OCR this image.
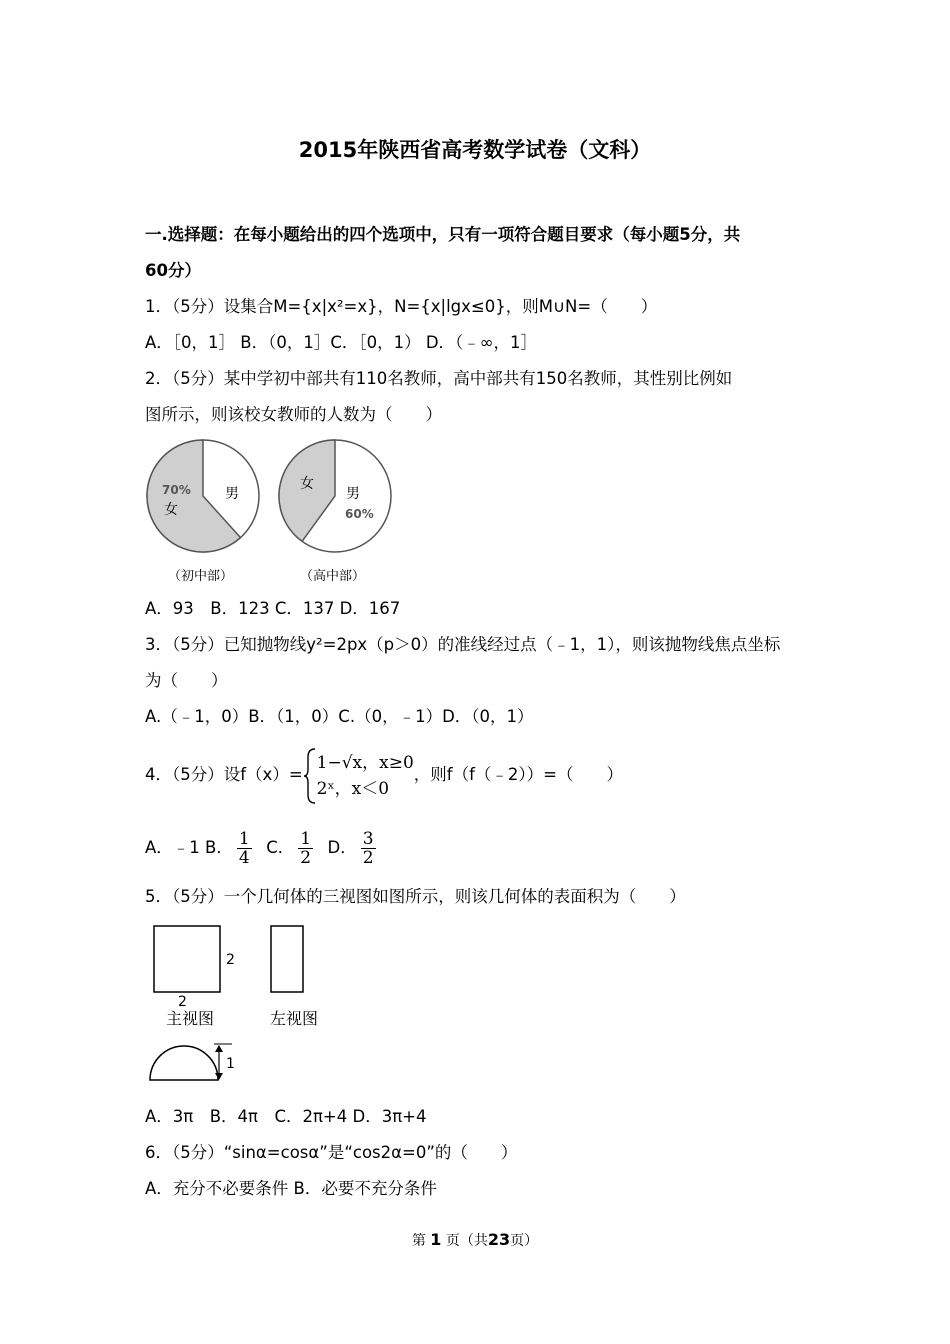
2015年陕西省高考数学试卷（文科）
一.选择题：在每小题给出的四个选项中，只有一项符合题目要求（每小题5分，共
60分）
1．（5分）设集合M={x|x²=x}，N={x|lgx≤0}，则M∪N=（　　）
A．［0，1］ B．（0，1］C．［0，1） D．（﹣∞，1］
2．（5分）某中学初中部共有110名教师，高中部共有150名教师，其性别比例如
图所示，则该校女教师的人数为（　　）
70%
女
男
（初中部）
女
男
60%
（高中部）
A．93　B．123 C．137 D．167
3．（5分）已知抛物线y²=2px（p＞0）的准线经过点（﹣1，1），则该抛物线焦点坐标
为（　　）
A.（﹣1，0）B．（1，0）C.（0，﹣1）D．（0，1）
4．（5分）设f（x）=
1−√x，x≥0
2ˣ，x＜0
，则f（f（﹣2））=（　　）
A．﹣1 B． $\frac{1}{4}$ C． $\frac{1}{2}$ D． $\frac{3}{2}$
5．（5分）一个几何体的三视图如图所示，则该几何体的表面积为（　　）
2
2
主视图	左视图
1
A．3π　B．4π　C．2π+4 D．3π+4
6．（5分）“sinα=cosα”是“cos2α=0”的（　　）
A．充分不必要条件 B．必要不充分条件
第 1 页（共23页）
